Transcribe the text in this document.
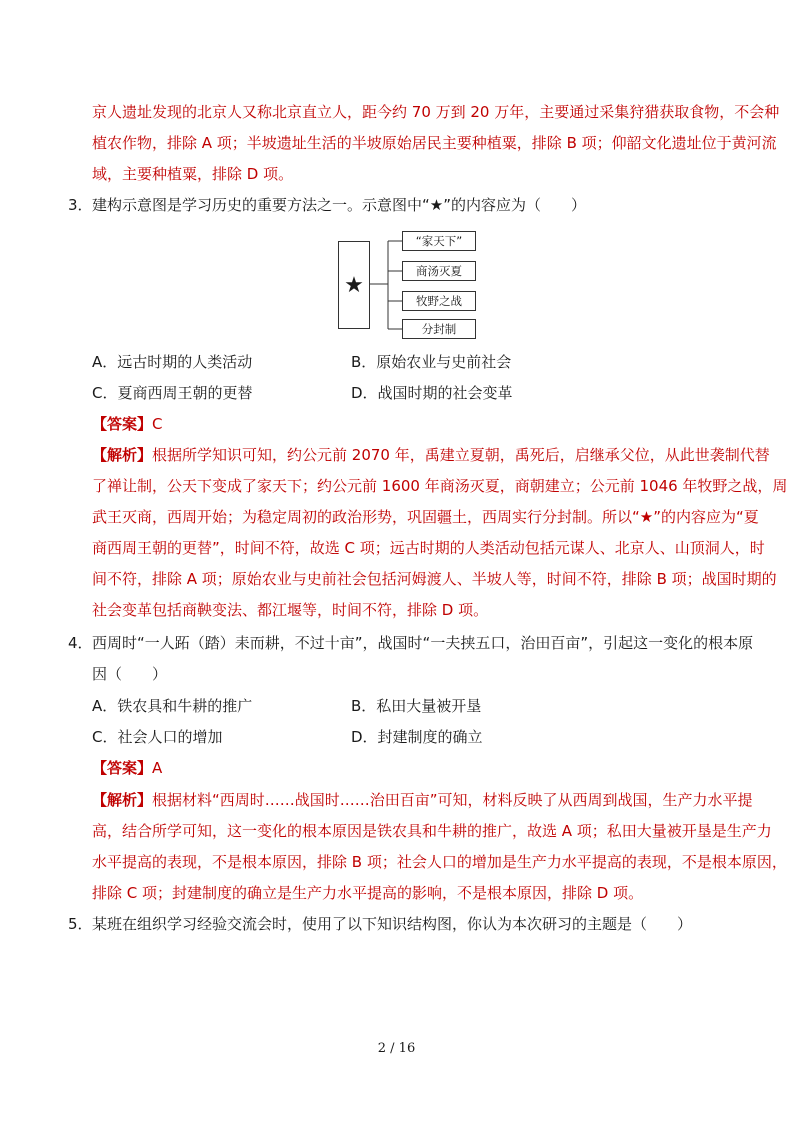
京人遗址发现的北京人又称北京直立人，距今约 70 万到 20 万年，主要通过采集狩猎获取食物，不会种
植农作物，排除 A 项；半坡遗址生活的半坡原始居民主要种植粟，排除 B 项；仰韶文化遗址位于黄河流
域，主要种植粟，排除 D 项。
3． 建构示意图是学习历史的重要方法之一。示意图中“★”的内容应为（　　）
★
“家天下”
商汤灭夏
牧野之战
分封制
A．远古时期的人类活动	B．原始农业与史前社会
C．夏商西周王朝的更替	D．战国时期的社会变革
【答案】C
【解析】根据所学知识可知，约公元前 2070 年，禹建立夏朝，禹死后，启继承父位，从此世袭制代替
了禅让制，公天下变成了家天下；约公元前 1600 年商汤灭夏，商朝建立；公元前 1046 年牧野之战，周
武王灭商，西周开始；为稳定周初的政治形势，巩固疆土，西周实行分封制。所以“★”的内容应为“夏
商西周王朝的更替”，时间不符，故选 C 项；远古时期的人类活动包括元谋人、北京人、山顶洞人，时
间不符，排除 A 项；原始农业与史前社会包括河姆渡人、半坡人等，时间不符，排除 B 项；战国时期的
社会变革包括商鞅变法、都江堰等，时间不符，排除 D 项。
4． 西周时“一人跖（踏）耒而耕，不过十亩”，战国时“一夫挟五口，治田百亩”，引起这一变化的根本原
因（　　）
A．铁农具和牛耕的推广	B．私田大量被开垦
C．社会人口的增加	D．封建制度的确立
【答案】A
【解析】根据材料“西周时……战国时……治田百亩”可知，材料反映了从西周到战国，生产力水平提
高，结合所学可知，这一变化的根本原因是铁农具和牛耕的推广，故选 A 项；私田大量被开垦是生产力
水平提高的表现，不是根本原因，排除 B 项；社会人口的增加是生产力水平提高的表现，不是根本原因，
排除 C 项；封建制度的确立是生产力水平提高的影响，不是根本原因，排除 D 项。
5． 某班在组织学习经验交流会时，使用了以下知识结构图，你认为本次研习的主题是（　　）
2 / 16
